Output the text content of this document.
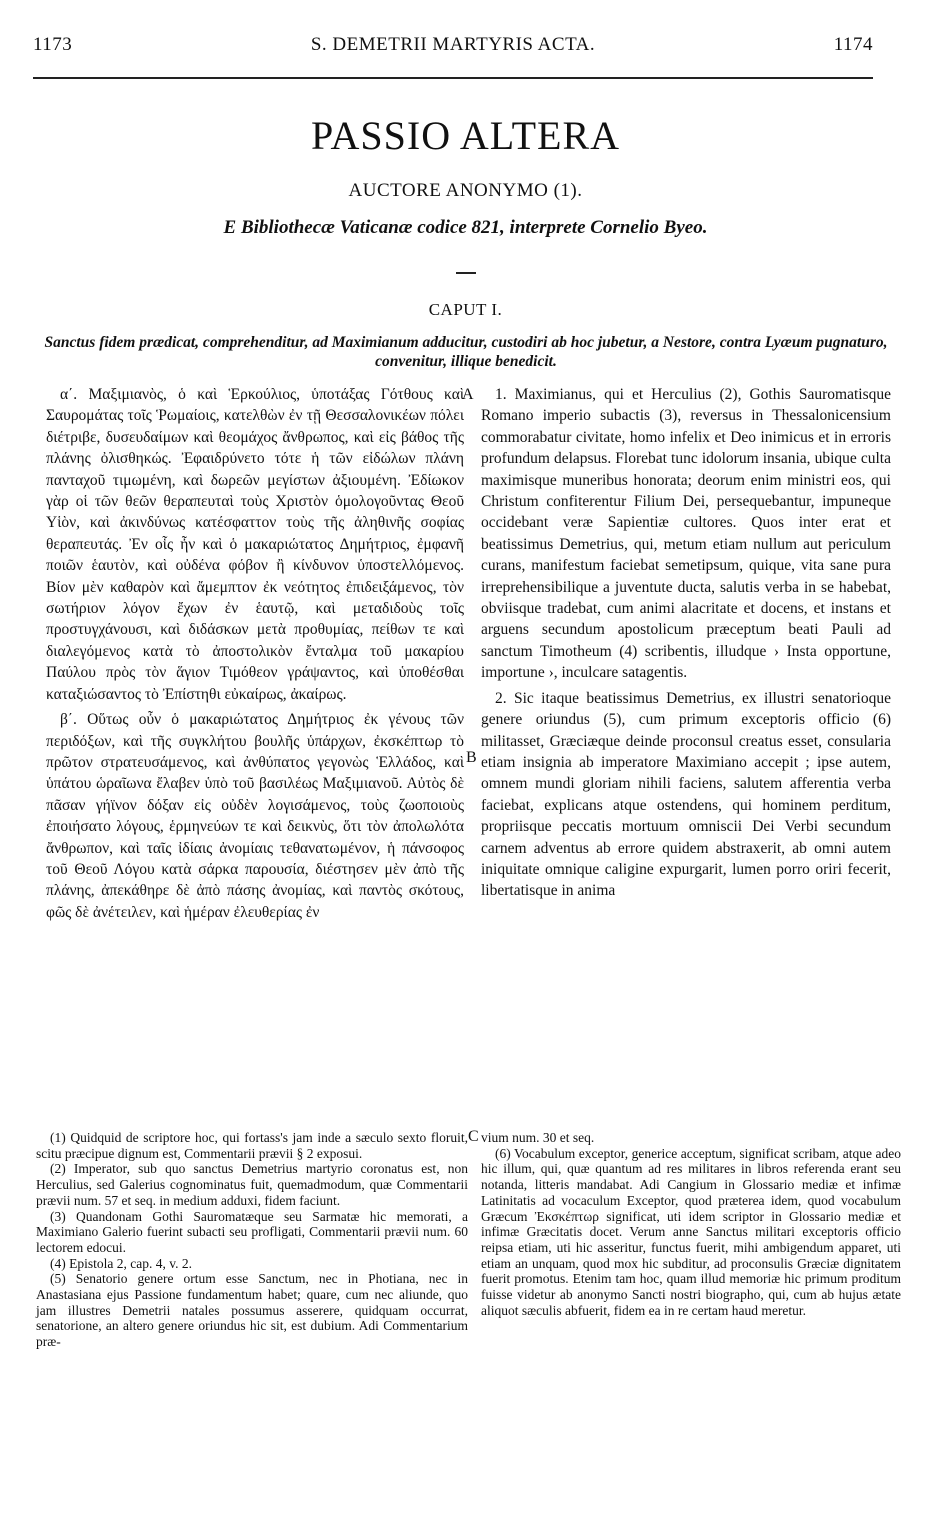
1173	S. DEMETRII MARTYRIS ACTA.	1174
PASSIO ALTERA
AUCTORE ANONYMO (1).
E Bibliothecæ Vaticanæ codice 821, interprete Cornelio Byeo.
CAPUT I.
Sanctus fidem prædicat, comprehenditur, ad Maximianum adducitur, custodiri ab hoc jubetur, a Nestore, contra Lyæum pugnaturo, convenitur, illique benedicit.

α΄. Μαξιμιανὸς, ὁ καὶ Ἑρκούλιος, ὑποτάξας Γότθους καὶ Σαυρομάτας τοῖς Ῥωμαίοις, κατελθὼν ἐν τῇ Θεσσαλονικέων πόλει διέτριβε, δυσευδαίμων καὶ θεομάχος ἄνθρωπος, καὶ εἰς βάθος τῆς πλάνης ὀλισθηκώς. Ἐφαιδρύνετο τότε ἡ τῶν εἰδώλων πλάνη πανταχοῦ τιμωμένη, καὶ δωρεῶν μεγίστων ἀξιουμένη. Ἐδίωκον γὰρ οἱ τῶν θεῶν θεραπευταὶ τοὺς Χριστὸν ὁμολογοῦντας Θεοῦ Υἱὸν, καὶ ἀκινδύνως κατέσφαττον τοὺς τῆς ἀληθινῆς σοφίας θεραπευτάς. Ἐν οἷς ἦν καὶ ὁ μακαριώτατος Δημήτριος, ἐμφανῆ ποιῶν ἑαυτὸν, καὶ οὐδένα φόβον ἢ κίνδυνον ὑποστελλόμενος. Βίον μὲν καθαρὸν καὶ ἄμεμπτον ἐκ νεότητος ἐπιδειξάμενος, τὸν σωτήριον λόγον ἔχων ἐν ἑαυτῷ, καὶ μεταδιδοὺς τοῖς προστυγχάνουσι, καὶ διδάσκων μετὰ προθυμίας, πείθων τε καὶ διαλεγόμενος κατὰ τὸ ἀποστολικὸν ἔνταλμα τοῦ μακαρίου Παύλου πρὸς τὸν ἅγιον Τιμόθεον γράψαντος, καὶ ὑποθέσθαι καταξιώσαντος τὸ Ἐπίστηθι εὐκαίρως, ἀκαίρως.

β΄. Οὕτως οὖν ὁ μακαριώτατος Δημήτριος ἐκ γένους τῶν περιδόξων, καὶ τῆς συγκλήτου βουλῆς ὑπάρχων, ἐκσκέπτωρ τὸ πρῶτον στρατευσάμενος, καὶ ἀνθύπατος γεγονὼς Ἑλλάδος, καὶ ὑπάτου ὡραῖωνα ἔλαβεν ὑπὸ τοῦ βασιλέως Μαξιμιανοῦ. Αὐτὸς δὲ πᾶσαν γήϊνον δόξαν εἰς οὐδὲν λογισάμενος, τοὺς ζωοποιοὺς ἐποιήσατο λόγους, ἑρμηνεύων τε καὶ δεικνὺς, ὅτι τὸν ἀπολωλότα ἄνθρωπον, καὶ ταῖς ἰδίαις ἀνομίαις τεθανατωμένον, ἡ πάνσοφος τοῦ Θεοῦ Λόγου κατὰ σάρκα παρουσία, διέστησεν μὲν ἀπὸ τῆς πλάνης, ἀπεκάθηρε δὲ ἀπὸ πάσης ἀνομίας, καὶ παντὸς σκότους, φῶς δὲ ἀνέτειλεν, καὶ ἡμέραν ἐλευθερίας ἐν

1. Maximianus, qui et Herculius (2), Gothis Sauromatisque Romano imperio subactis (3), reversus in Thessalonicensium commorabatur civitate, homo infelix et Deo inimicus et in erroris profundum delapsus. Florebat tunc idolorum insania, ubique culta maximisque muneribus honorata; deorum enim ministri eos, qui Christum confiterentur Filium Dei, persequebantur, impuneque occidebant veræ Sapientiæ cultores. Quos inter erat et beatissimus Demetrius, qui, metum etiam nullum aut periculum curans, manifestum faciebat semetipsum, quique, vita sane pura irreprehensibilique a juventute ducta, salutis verba in se habebat, obviisque tradebat, cum animi alacritate et docens, et instans et arguens secundum apostolicum præceptum beati Pauli ad sanctum Timotheum (4) scribentis, illudque › Insta opportune, importune ›, inculcare satagentis.

2. Sic itaque beatissimus Demetrius, ex illustri senatorioque genere oriundus (5), cum primum exceptoris officio (6) militasset, Græciæque deinde proconsul creatus esset, consularia etiam insignia ab imperatore Maximiano accepit ; ipse autem, omnem mundi gloriam nihili faciens, salutem afferentia verba faciebat, explicans atque ostendens, qui hominem perditum, propriisque peccatis mortuum omniscii Dei Verbi secundum carnem adventus ab errore quidem abstraxerit, ab omni autem iniquitate omnique caligine expurgarit, lumen porro oriri fecerit, libertatisque in anima

A
B
C

(1) Quidquid de scriptore hoc, qui fortass's jam inde a sæculo sexto floruit, scitu præcipue dignum est, Commentarii prævii § 2 exposui.

(2) Imperator, sub quo sanctus Demetrius martyrio coronatus est, non Herculius, sed Galerius cognominatus fuit, quemadmodum, quæ Commentarii prævii num. 57 et seq. in medium adduxi, fidem faciunt.

(3) Quandonam Gothi Sauromatæque seu Sarmatæ hic memorati, a Maximiano Galerio fuerint subacti seu profligati, Commentarii prævii num. 60 lectorem edocui.

(4) Epistola 2, cap. 4, v. 2.

(5) Senatorio genere ortum esse Sanctum, nec in Photiana, nec in Anastasiana ejus Passione fundamentum habet; quare, cum nec aliunde, quo jam illustres Demetrii natales possumus asserere, quidquam occurrat, senatorione, an altero genere oriundus hic sit, est dubium. Adi Commentarium præ-

vium num. 30 et seq.

(6) Vocabulum exceptor, generice acceptum, significat scribam, atque adeo hic illum, qui, quæ quantum ad res militares in libros referenda erant seu notanda, litteris mandabat. Adi Cangium in Glossario mediæ et infimæ Latinitatis ad vocaculum Exceptor, quod præterea idem, quod vocabulum Græcum Ἐκσκέπτωρ significat, uti idem scriptor in Glossario mediæ et infimæ Græcitatis docet. Verum anne Sanctus militari exceptoris officio reipsa etiam, uti hic asseritur, functus fuerit, mihi ambigendum apparet, uti etiam an unquam, quod mox hic subditur, ad proconsulis Græciæ dignitatem fuerit promotus. Etenim tam hoc, quam illud memoriæ hic primum proditum fuisse videtur ab anonymo Sancti nostri biographo, qui, cum ab hujus ætate aliquot sæculis abfuerit, fidem ea in re certam haud meretur.
